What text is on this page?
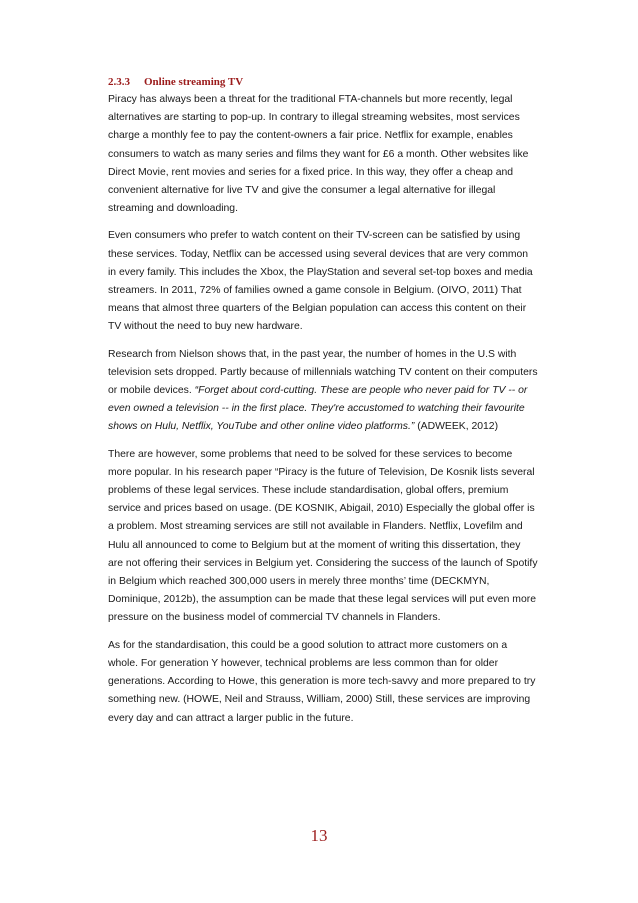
2.3.3 Online streaming TV

Piracy has always been a threat for the traditional FTA-channels but more recently, legal alternatives are starting to pop-up. In contrary to illegal streaming websites, most services charge a monthly fee to pay the content-owners a fair price. Netflix for example, enables consumers to watch as many series and films they want for £6 a month. Other websites like Direct Movie, rent movies and series for a fixed price. In this way, they offer a cheap and convenient alternative for live TV and give the consumer a legal alternative for illegal streaming and downloading.

Even consumers who prefer to watch content on their TV-screen can be satisfied by using these services. Today, Netflix can be accessed using several devices that are very common in every family. This includes the Xbox, the PlayStation and several set-top boxes and media streamers. In 2011, 72% of families owned a game console in Belgium. (OIVO, 2011) That means that almost three quarters of the Belgian population can access this content on their TV without the need to buy new hardware.

Research from Nielson shows that, in the past year, the number of homes in the U.S with television sets dropped. Partly because of millennials watching TV content on their computers or mobile devices. “Forget about cord-cutting. These are people who never paid for TV -- or even owned a television -- in the first place. They're accustomed to watching their favourite shows on Hulu, Netflix, YouTube and other online video platforms.” (ADWEEK, 2012)

There are however, some problems that need to be solved for these services to become more popular. In his research paper “Piracy is the future of Television, De Kosnik lists several problems of these legal services. These include standardisation, global offers, premium service and prices based on usage. (DE KOSNIK, Abigail, 2010) Especially the global offer is a problem. Most streaming services are still not available in Flanders. Netflix, Lovefilm and Hulu all announced to come to Belgium but at the moment of writing this dissertation, they are not offering their services in Belgium yet. Considering the success of the launch of Spotify in Belgium which reached 300,000 users in merely three months’ time (DECKMYN, Dominique, 2012b), the assumption can be made that these legal services will put even more pressure on the business model of commercial TV channels in Flanders.

As for the standardisation, this could be a good solution to attract more customers on a whole. For generation Y however, technical problems are less common than for older generations. According to Howe, this generation is more tech-savvy and more prepared to try something new. (HOWE, Neil and Strauss, William, 2000) Still, these services are improving every day and can attract a larger public in the future.

13
